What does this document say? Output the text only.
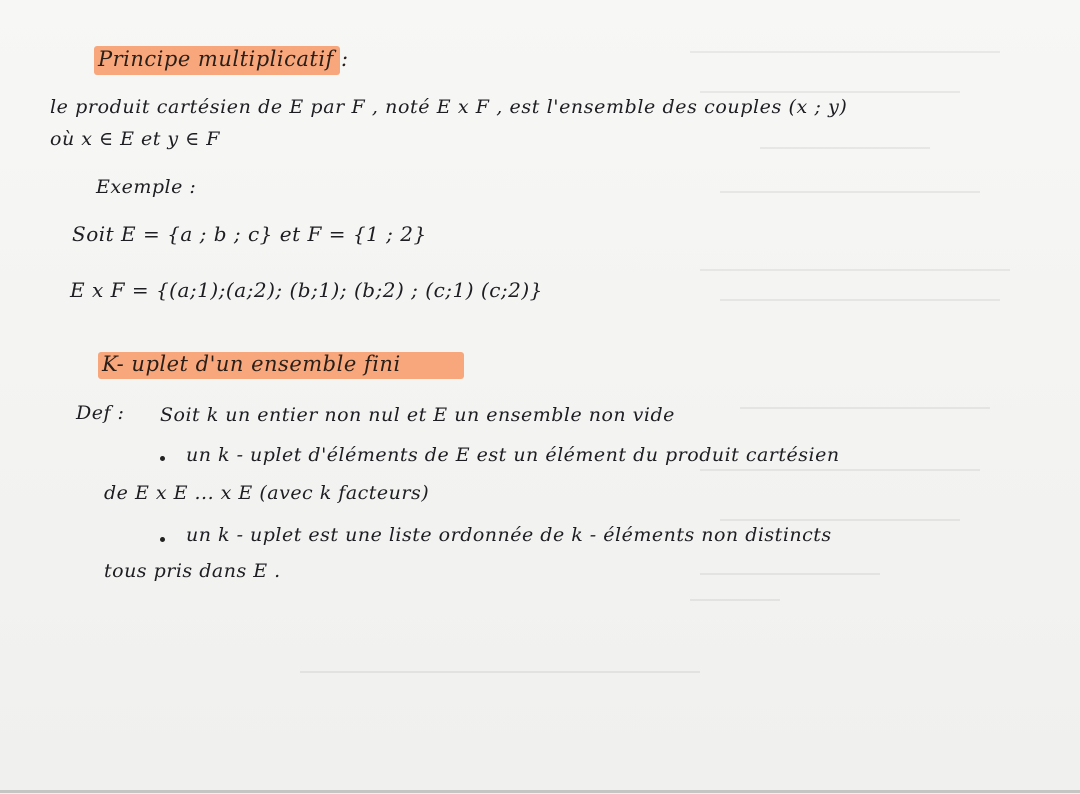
Principe multiplicatif :
le produit cartésien de E par F , noté E x F , est l'ensemble des couples (x ; y)
où x ∈ E et y ∈ F
Exemple :
Soit E = {a ; b ; c} et F = {1 ; 2}
E x F = {(a;1);(a;2); (b;1); (b;2) ; (c;1) (c;2)}
K- uplet d'un ensemble fini
Def : Soit k un entier non nul et E un ensemble non vide
un k - uplet d'éléments de E est un élément du produit cartésien
de E x E ... x E (avec k facteurs)
un k - uplet est une liste ordonnée de k - éléments non distincts
tous pris dans E .
